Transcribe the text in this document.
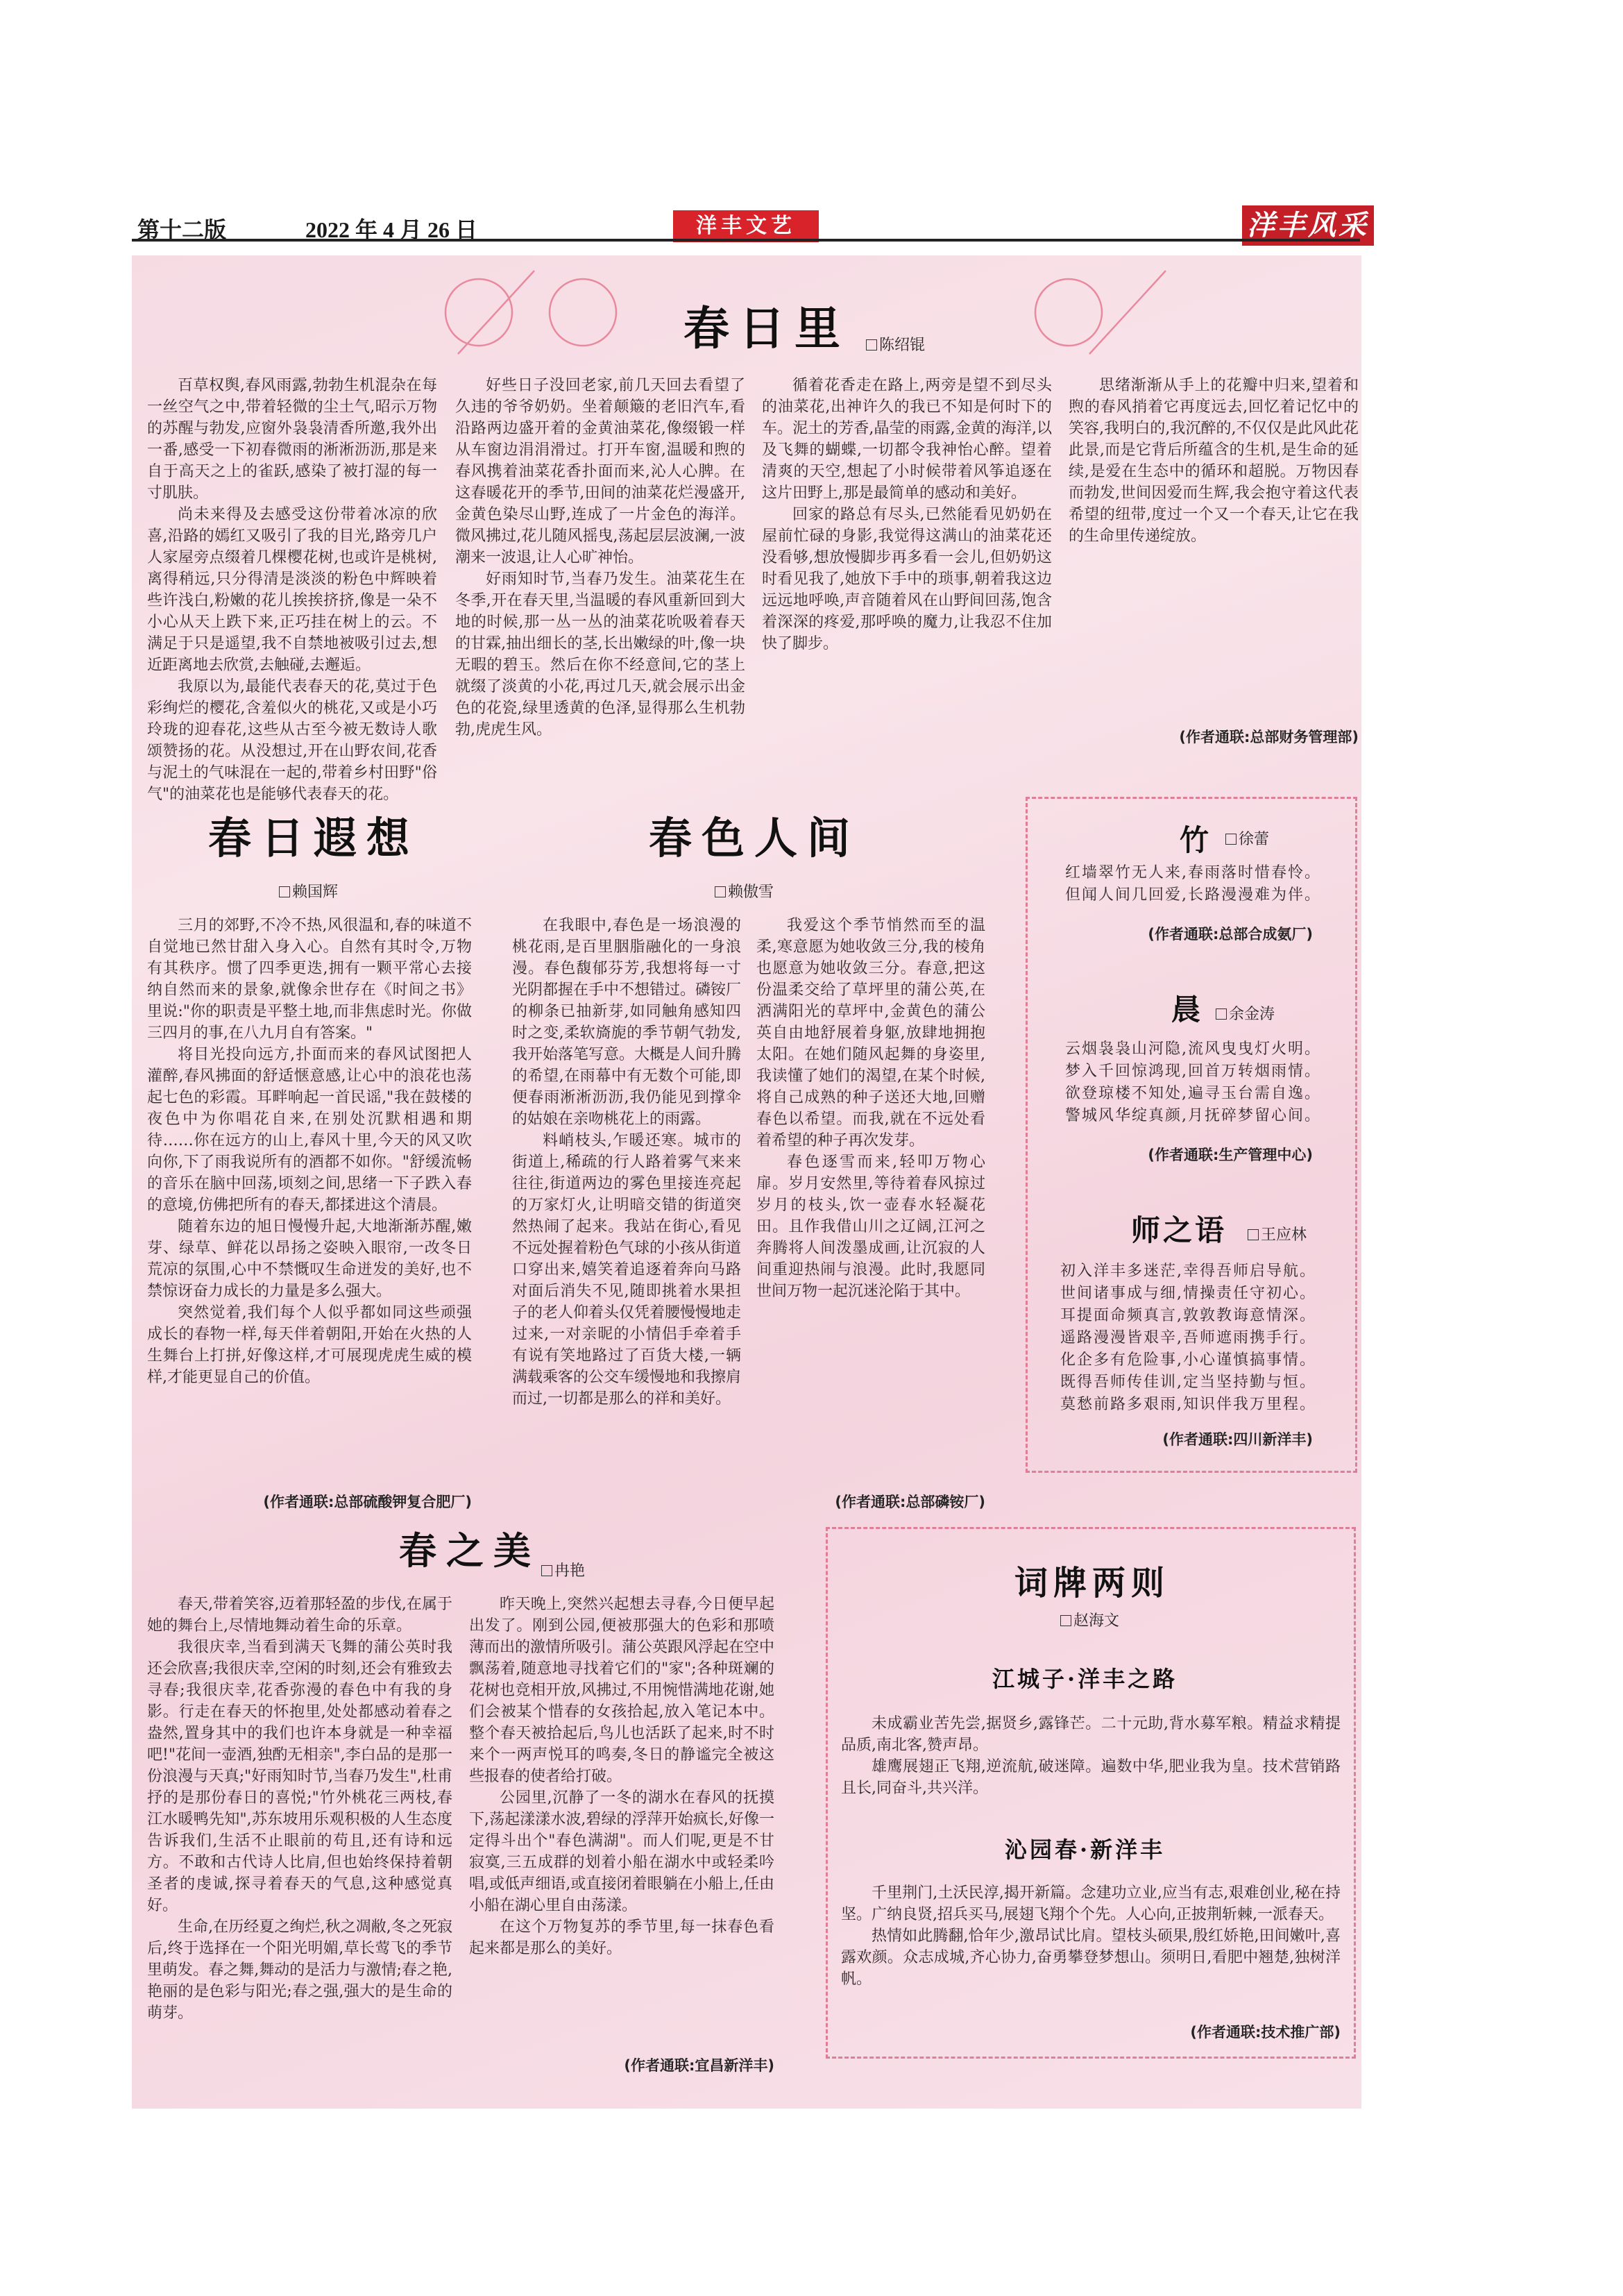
第十二版	2022 年 4 月 26 日	洋丰文艺	洋丰风采
春日里	陈绍锟

百草权舆,春风雨露,勃勃生机混杂在每一丝空气之中,带着轻微的尘土气,昭示万物的苏醒与勃发,应窗外袅袅清香所邀,我外出一番,感受一下初春微雨的淅淅沥沥,那是来自于高天之上的雀跃,感染了被打湿的每一寸肌肤。

尚未来得及去感受这份带着冰凉的欣喜,沿路的嫣红又吸引了我的目光,路旁几户人家屋旁点缀着几棵樱花树,也或许是桃树,离得稍远,只分得清是淡淡的粉色中辉映着些许浅白,粉嫩的花儿挨挨挤挤,像是一朵不小心从天上跌下来,正巧挂在树上的云。不满足于只是遥望,我不自禁地被吸引过去,想近距离地去欣赏,去触碰,去邂逅。

我原以为,最能代表春天的花,莫过于色彩绚烂的樱花,含羞似火的桃花,又或是小巧玲珑的迎春花,这些从古至今被无数诗人歌颂赞扬的花。从没想过,开在山野农间,花香与泥土的气味混在一起的,带着乡村田野"俗气"的油菜花也是能够代表春天的花。

好些日子没回老家,前几天回去看望了久违的爷爷奶奶。坐着颠簸的老旧汽车,看沿路两边盛开着的金黄油菜花,像缀锻一样从车窗边涓涓滑过。打开车窗,温暖和煦的春风携着油菜花香扑面而来,沁人心脾。在这春暖花开的季节,田间的油菜花烂漫盛开,金黄色染尽山野,连成了一片金色的海洋。微风拂过,花儿随风摇曳,荡起层层波澜,一波潮来一波退,让人心旷神怡。

好雨知时节,当春乃发生。油菜花生在冬季,开在春天里,当温暖的春风重新回到大地的时候,那一丛一丛的油菜花吮吸着春天的甘霖,抽出细长的茎,长出嫩绿的叶,像一块无暇的碧玉。然后在你不经意间,它的茎上就缀了淡黄的小花,再过几天,就会展示出金色的花瓷,绿里透黄的色泽,显得那么生机勃勃,虎虎生风。

循着花香走在路上,两旁是望不到尽头的油菜花,出神许久的我已不知是何时下的车。泥土的芳香,晶莹的雨露,金黄的海洋,以及飞舞的蝴蝶,一切都令我神怡心醉。望着清爽的天空,想起了小时候带着风筝追逐在这片田野上,那是最简单的感动和美好。

回家的路总有尽头,已然能看见奶奶在屋前忙碌的身影,我觉得这满山的油菜花还没看够,想放慢脚步再多看一会儿,但奶奶这时看见我了,她放下手中的琐事,朝着我这边远远地呼唤,声音随着风在山野间回荡,饱含着深深的疼爱,那呼唤的魔力,让我忍不住加快了脚步。

思绪渐渐从手上的花瓣中归来,望着和煦的春风捎着它再度远去,回忆着记忆中的笑容,我明白的,我沉醉的,不仅仅是此风此花此景,而是它背后所蕴含的生机,是生命的延续,是爱在生态中的循环和超脱。万物因春而勃发,世间因爱而生辉,我会抱守着这代表希望的纽带,度过一个又一个春天,让它在我的生命里传递绽放。

(作者通联:总部财务管理部)
春日遐想
赖国辉

三月的郊野,不冷不热,风很温和,春的味道不自觉地已然甘甜入身入心。自然有其时令,万物有其秩序。惯了四季更迭,拥有一颗平常心去接纳自然而来的景象,就像余世存在《时间之书》里说:"你的职责是平整土地,而非焦虑时光。你做三四月的事,在八九月自有答案。"

将目光投向远方,扑面而来的春风试图把人灌醉,春风拂面的舒适惬意感,让心中的浪花也荡起七色的彩霞。耳畔响起一首民谣,"我在鼓楼的夜色中为你唱花自来,在别处沉默相遇和期待……你在远方的山上,春风十里,今天的风又吹向你,下了雨我说所有的酒都不如你。"舒缓流畅的音乐在脑中回荡,顷刻之间,思绪一下子跌入春的意境,仿佛把所有的春天,都揉进这个清晨。

随着东边的旭日慢慢升起,大地渐渐苏醒,嫩芽、绿草、鲜花以昂扬之姿映入眼帘,一改冬日荒凉的氛围,心中不禁慨叹生命迸发的美好,也不禁惊讶奋力成长的力量是多么强大。

突然觉着,我们每个人似乎都如同这些顽强成长的春物一样,每天伴着朝阳,开始在火热的人生舞台上打拼,好像这样,才可展现虎虎生威的模样,才能更显自己的价值。

(作者通联:总部硫酸钾复合肥厂)
春色人间
赖傲雪

在我眼中,春色是一场浪漫的桃花雨,是百里胭脂融化的一身浪漫。春色馥郁芬芳,我想将每一寸光阴都握在手中不想错过。磷铵厂的柳条已抽新芽,如同触角感知四时之变,柔软旖旎的季节朝气勃发,我开始落笔写意。大概是人间升腾的希望,在雨幕中有无数个可能,即便春雨淅淅沥沥,我仍能见到撑伞的姑娘在亲吻桃花上的雨露。

料峭枝头,乍暖还寒。城市的街道上,稀疏的行人路着雾气来来往往,街道两边的雾色里接连亮起的万家灯火,让明暗交错的街道突然热闹了起来。我站在街心,看见不远处握着粉色气球的小孩从街道口穿出来,嬉笑着追逐着奔向马路对面后消失不见,随即挑着水果担子的老人仰着头仅凭着腰慢慢地走过来,一对亲昵的小情侣手牵着手有说有笑地路过了百货大楼,一辆满载乘客的公交车缓慢地和我擦肩而过,一切都是那么的祥和美好。

我爱这个季节悄然而至的温柔,寒意愿为她收敛三分,我的棱角也愿意为她收敛三分。春意,把这份温柔交给了草坪里的蒲公英,在洒满阳光的草坪中,金黄色的蒲公英自由地舒展着身躯,放肆地拥抱太阳。在她们随风起舞的身姿里,我读懂了她们的渴望,在某个时候,将自己成熟的种子送还大地,回赠春色以希望。而我,就在不远处看着希望的种子再次发芽。

春色逐雪而来,轻叩万物心扉。岁月安然里,等待着春风掠过岁月的枝头,饮一壶春水轻凝花田。且作我借山川之辽阔,江河之奔腾将人间泼墨成画,让沉寂的人间重迎热闹与浪漫。此时,我愿同世间万物一起沉迷沦陷于其中。

(作者通联:总部磷铵厂)
竹	徐蕾
红墙翠竹无人来,春雨落时惜春怜。
但闻人间几回爱,长路漫漫难为伴。
(作者通联:总部合成氨厂)
晨	余金涛
云烟袅袅山河隐,流风曳曳灯火明。
梦入千回惊鸿现,回首万转烟雨情。
欲登琼楼不知处,遍寻玉台需自逸。
警城风华绽真颜,月抚碎梦留心间。
(作者通联:生产管理中心)
师之语	王应林
初入洋丰多迷茫,幸得吾师启导航。
世间诸事成与细,情操责任守初心。
耳提面命频真言,敦敦教诲意情深。
遥路漫漫皆艰辛,吾师遮雨携手行。
化企多有危险事,小心谨慎搞事情。
既得吾师传佳训,定当坚持勤与恒。
莫愁前路多艰雨,知识伴我万里程。
(作者通联:四川新洋丰)
春之美 冉艳

春天,带着笑容,迈着那轻盈的步伐,在属于她的舞台上,尽情地舞动着生命的乐章。

我很庆幸,当看到满天飞舞的蒲公英时我还会欣喜;我很庆幸,空闲的时刻,还会有雅致去寻春;我很庆幸,花香弥漫的春色中有我的身影。行走在春天的怀抱里,处处都感动着春之盎然,置身其中的我们也许本身就是一种幸福吧!"花间一壶酒,独酌无相亲",李白品的是那一份浪漫与天真;"好雨知时节,当春乃发生",杜甫抒的是那份春日的喜悦;"竹外桃花三两枝,春江水暖鸭先知",苏东坡用乐观积极的人生态度告诉我们,生活不止眼前的苟且,还有诗和远方。不敢和古代诗人比肩,但也始终保持着朝圣者的虔诚,探寻着春天的气息,这种感觉真好。

生命,在历经夏之绚烂,秋之凋敝,冬之死寂后,终于选择在一个阳光明媚,草长莺飞的季节里萌发。春之舞,舞动的是活力与激情;春之艳,艳丽的是色彩与阳光;春之强,强大的是生命的萌芽。

昨天晚上,突然兴起想去寻春,今日便早起出发了。刚到公园,便被那强大的色彩和那喷薄而出的激情所吸引。蒲公英跟风浮起在空中飘荡着,随意地寻找着它们的"家";各种斑斓的花树也竞相开放,风拂过,不用惋惜满地花谢,她们会被某个惜春的女孩拾起,放入笔记本中。整个春天被拾起后,鸟儿也活跃了起来,时不时来个一两声悦耳的鸣奏,冬日的静谧完全被这些报春的使者给打破。

公园里,沉静了一冬的湖水在春风的抚摸下,荡起漾漾水波,碧绿的浮萍开始疯长,好像一定得斗出个"春色满湖"。而人们呢,更是不甘寂寞,三五成群的划着小船在湖水中或轻柔吟唱,或低声细语,或直接闭着眼躺在小船上,任由小船在湖心里自由荡漾。

在这个万物复苏的季节里,每一抹春色看起来都是那么的美好。

(作者通联:宜昌新洋丰)
词牌两则
赵海文
江城子·洋丰之路

未成霸业苦先尝,据贤乡,露锋芒。二十元助,背水募军粮。精益求精提品质,南北客,赞声昂。

雄鹰展翅正飞翔,逆流航,破迷障。遍数中华,肥业我为皇。技术营销路且长,同奋斗,共兴洋。

沁园春·新洋丰

千里荆门,土沃民淳,揭开新篇。念建功立业,应当有志,艰难创业,秘在持坚。广纳良贤,招兵买马,展翅飞翔个个先。人心向,正披荆斩棘,一派春天。

热情如此腾翻,恰年少,激昂试比肩。望枝头硕果,殷红娇艳,田间嫩叶,喜露欢颜。众志成城,齐心协力,奋勇攀登梦想山。须明日,看肥中翘楚,独树洋帆。

(作者通联:技术推广部)
